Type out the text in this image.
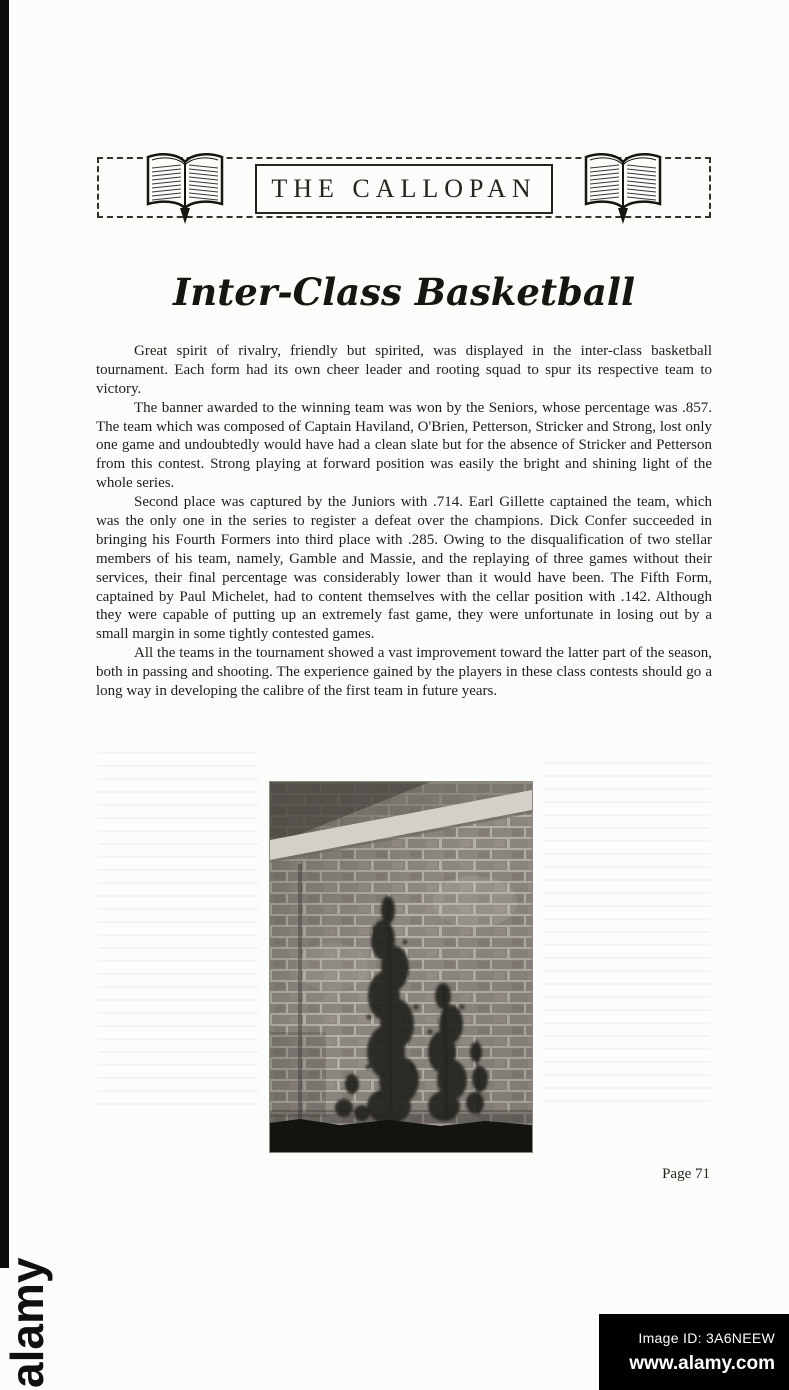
THE CALLOPAN
Inter-Class Basketball

Great spirit of rivalry, friendly but spirited, was displayed in the inter-class basketball tournament. Each form had its own cheer leader and rooting squad to spur its respective team to victory.

The banner awarded to the winning team was won by the Seniors, whose percentage was .857. The team which was composed of Captain Haviland, O'Brien, Petterson, Stricker and Strong, lost only one game and undoubtedly would have had a clean slate but for the absence of Stricker and Petterson from this contest. Strong playing at forward position was easily the bright and shining light of the whole series.

Second place was captured by the Juniors with .714. Earl Gillette captained the team, which was the only one in the series to register a defeat over the champions. Dick Confer succeeded in bringing his Fourth Formers into third place with .285. Owing to the disqualification of two stellar members of his team, namely, Gamble and Massie, and the replaying of three games without their services, their final percentage was considerably lower than it would have been. The Fifth Form, captained by Paul Michelet, had to content themselves with the cellar position with .142. Although they were capable of putting up an extremely fast game, they were unfortunate in losing out by a small margin in some tightly contested games.

All the teams in the tournament showed a vast improvement toward the latter part of the season, both in passing and shooting. The experience gained by the players in these class contests should go a long way in developing the calibre of the first team in future years.

Page 71
alamy	Image ID: 3A6NEEW
www.alamy.com
